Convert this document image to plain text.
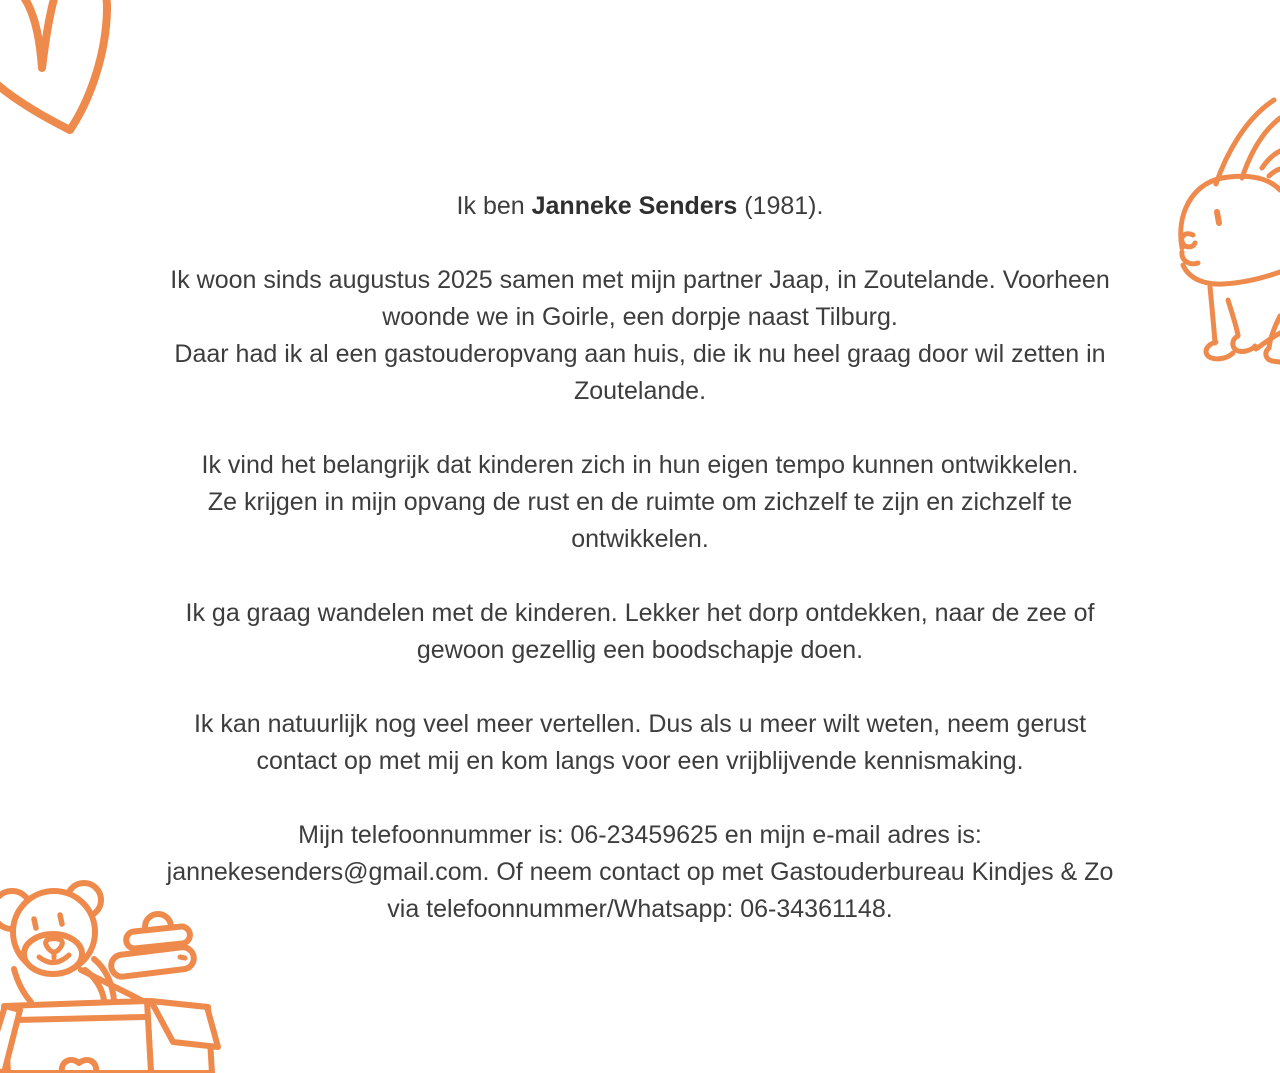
Ik ben Janneke Senders (1981).
Ik woon sinds augustus 2025 samen met mijn partner Jaap, in Zoutelande. Voorheen
woonde we in Goirle, een dorpje naast Tilburg.
Daar had ik al een gastouderopvang aan huis, die ik nu heel graag door wil zetten in
Zoutelande.
Ik vind het belangrijk dat kinderen zich in hun eigen tempo kunnen ontwikkelen.
Ze krijgen in mijn opvang de rust en de ruimte om zichzelf te zijn en zichzelf te
ontwikkelen.
Ik ga graag wandelen met de kinderen. Lekker het dorp ontdekken, naar de zee of
gewoon gezellig een boodschapje doen.
Ik kan natuurlijk nog veel meer vertellen. Dus als u meer wilt weten, neem gerust
contact op met mij en kom langs voor een vrijblijvende kennismaking.
Mijn telefoonnummer is: 06-23459625 en mijn e-mail adres is:
jannekesenders@gmail.com. Of neem contact op met Gastouderbureau Kindjes & Zo
via telefoonnummer/Whatsapp: 06-34361148.
